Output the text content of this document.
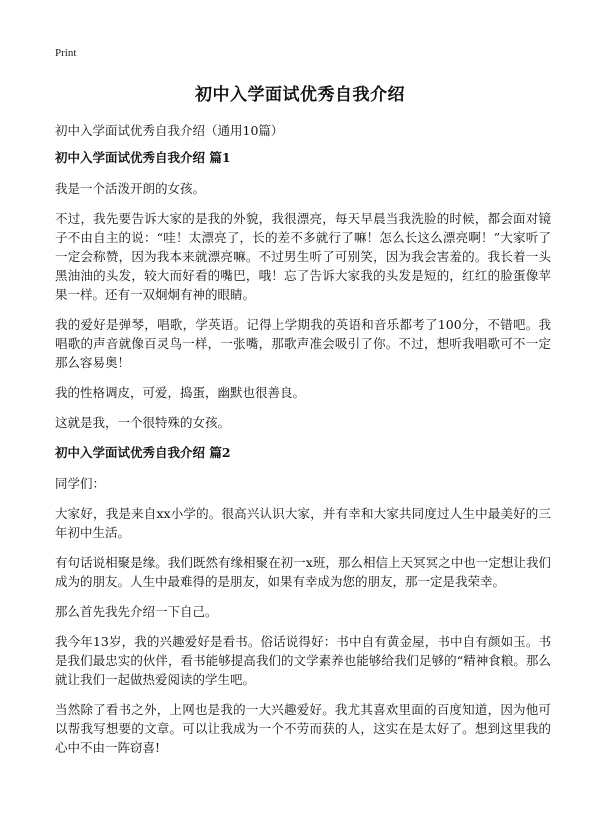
Print
初中入学面试优秀自我介绍

初中入学面试优秀自我介绍（通用10篇）

初中入学面试优秀自我介绍 篇1

我是一个活泼开朗的女孩。

不过，我先要告诉大家的是我的外貌，我很漂亮，每天早晨当我洗脸的时候，都会面对镜子不由自主的说：“哇！太漂亮了，长的差不多就行了嘛！怎么长这么漂亮啊！”大家听了一定会称赞，因为我本来就漂亮嘛。不过男生听了可别笑，因为我会害羞的。我长着一头黑油油的头发，较大而好看的嘴巴，哦！忘了告诉大家我的头发是短的，红红的脸蛋像苹果一样。还有一双炯炯有神的眼睛。

我的爱好是弹琴，唱歌，学英语。记得上学期我的英语和音乐都考了100分，不错吧。我唱歌的声音就像百灵鸟一样，一张嘴，那歌声准会吸引了你。不过，想听我唱歌可不一定那么容易奥！

我的性格调皮，可爱，捣蛋，幽默也很善良。

这就是我，一个很特殊的女孩。

初中入学面试优秀自我介绍 篇2

同学们：

大家好，我是来自xx小学的。很高兴认识大家，并有幸和大家共同度过人生中最美好的三年初中生活。

有句话说相聚是缘。我们既然有缘相聚在初一x班，那么相信上天冥冥之中也一定想让我们成为的朋友。人生中最难得的是朋友，如果有幸成为您的朋友，那一定是我荣幸。

那么首先我先介绍一下自己。

我今年13岁，我的兴趣爱好是看书。俗话说得好：书中自有黄金屋，书中自有颜如玉。书是我们最忠实的伙伴，看书能够提高我们的文学素养也能够给我们足够的“精神食粮。那么就让我们一起做热爱阅读的学生吧。

当然除了看书之外，上网也是我的一大兴趣爱好。我尤其喜欢里面的百度知道，因为他可以帮我写想要的文章。可以让我成为一个不劳而获的人，这实在是太好了。想到这里我的心中不由一阵窃喜!
